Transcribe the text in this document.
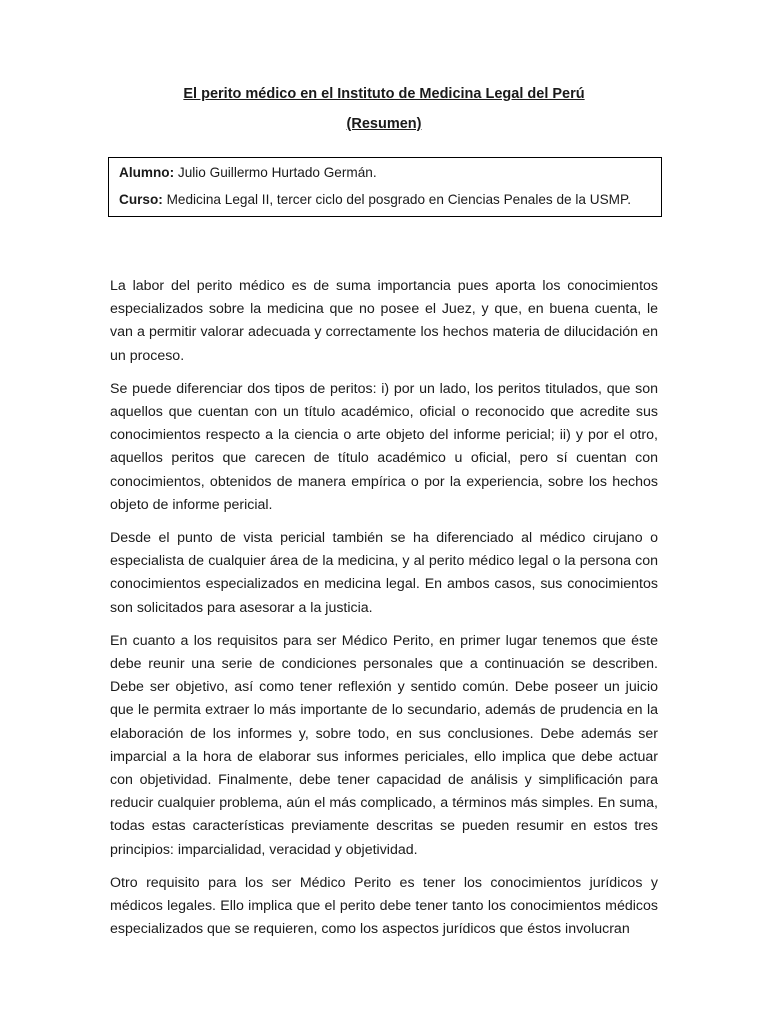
El perito médico en el Instituto de Medicina Legal del Perú

(Resumen)

Alumno: Julio Guillermo Hurtado Germán.

Curso: Medicina Legal II, tercer ciclo del posgrado en Ciencias Penales de la USMP.

La labor del perito médico es de suma importancia pues aporta los conocimientos especializados sobre la medicina que no posee el Juez, y que, en buena cuenta, le van a permitir valorar adecuada y correctamente los hechos materia de dilucidación en un proceso.

Se puede diferenciar dos tipos de peritos: i) por un lado, los peritos titulados, que son aquellos que cuentan con un título académico, oficial o reconocido que acredite sus conocimientos respecto a la ciencia o arte objeto del informe pericial; ii) y por el otro, aquellos peritos que carecen de título académico u oficial, pero sí cuentan con conocimientos, obtenidos de manera empírica o por la experiencia, sobre los hechos objeto de informe pericial.

Desde el punto de vista pericial también se ha diferenciado al médico cirujano o especialista de cualquier área de la medicina, y al perito médico legal o la persona con conocimientos especializados en medicina legal. En ambos casos, sus conocimientos son solicitados para asesorar a la justicia.

En cuanto a los requisitos para ser Médico Perito, en primer lugar tenemos que éste debe reunir una serie de condiciones personales que a continuación se describen. Debe ser objetivo, así como tener reflexión y sentido común. Debe poseer un juicio que le permita extraer lo más importante de lo secundario, además de prudencia en la elaboración de los informes y, sobre todo, en sus conclusiones. Debe además ser imparcial a la hora de elaborar sus informes periciales, ello implica que debe actuar con objetividad. Finalmente, debe tener capacidad de análisis y simplificación para reducir cualquier problema, aún el más complicado, a términos más simples. En suma, todas estas características previamente descritas se pueden resumir en estos tres principios: imparcialidad, veracidad y objetividad.

Otro requisito para los ser Médico Perito es tener los conocimientos jurídicos y médicos legales. Ello implica que el perito debe tener tanto los conocimientos médicos especializados que se requieren, como los aspectos jurídicos que éstos involucran
